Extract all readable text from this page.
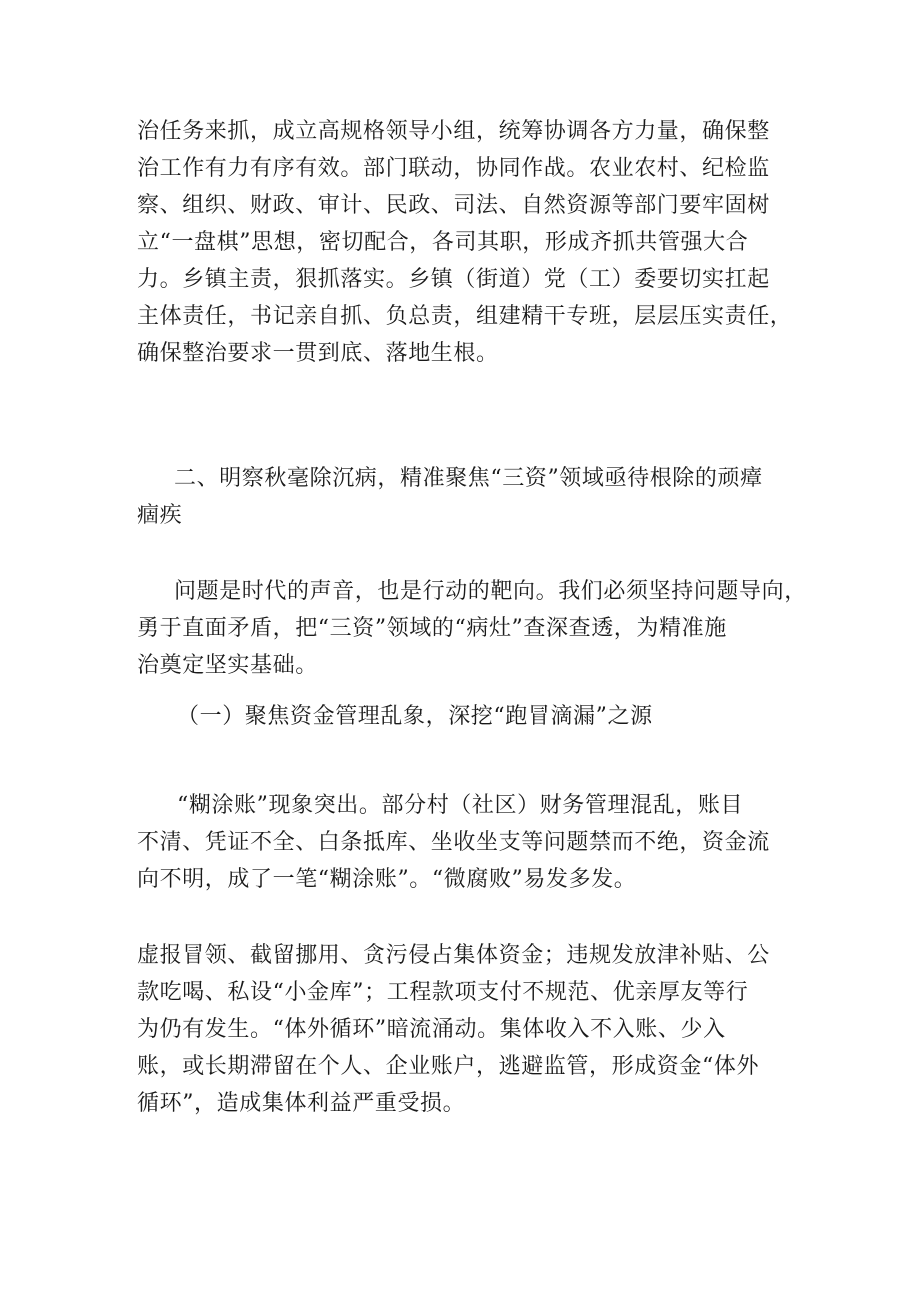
治任务来抓，成立高规格领导小组，统筹协调各方力量，确保整
治工作有力有序有效。部门联动，协同作战。农业农村、纪检监
察、组织、财政、审计、民政、司法、自然资源等部门要牢固树
立“一盘棋”思想，密切配合，各司其职，形成齐抓共管强大合
力。乡镇主责，狠抓落实。乡镇（街道）党（工）委要切实扛起
主体责任，书记亲自抓、负总责，组建精干专班，层层压实责任，
确保整治要求一贯到底、落地生根。

二、明察秋毫除沉病，精准聚焦“三资”领域亟待根除的顽瘴
痼疾

问题是时代的声音，也是行动的靶向。我们必须坚持问题导向，
勇于直面矛盾，把“三资”领域的“病灶”查深查透，为精准施
治奠定坚实基础。

（一）聚焦资金管理乱象，深挖“跑冒滴漏”之源

“糊涂账”现象突出。部分村（社区）财务管理混乱，账目
不清、凭证不全、白条抵库、坐收坐支等问题禁而不绝，资金流
向不明，成了一笔“糊涂账”。“微腐败”易发多发。

虚报冒领、截留挪用、贪污侵占集体资金；违规发放津补贴、公
款吃喝、私设“小金库”；工程款项支付不规范、优亲厚友等行
为仍有发生。“体外循环”暗流涌动。集体收入不入账、少入
账，或长期滞留在个人、企业账户，逃避监管，形成资金“体外
循环”，造成集体利益严重受损。
